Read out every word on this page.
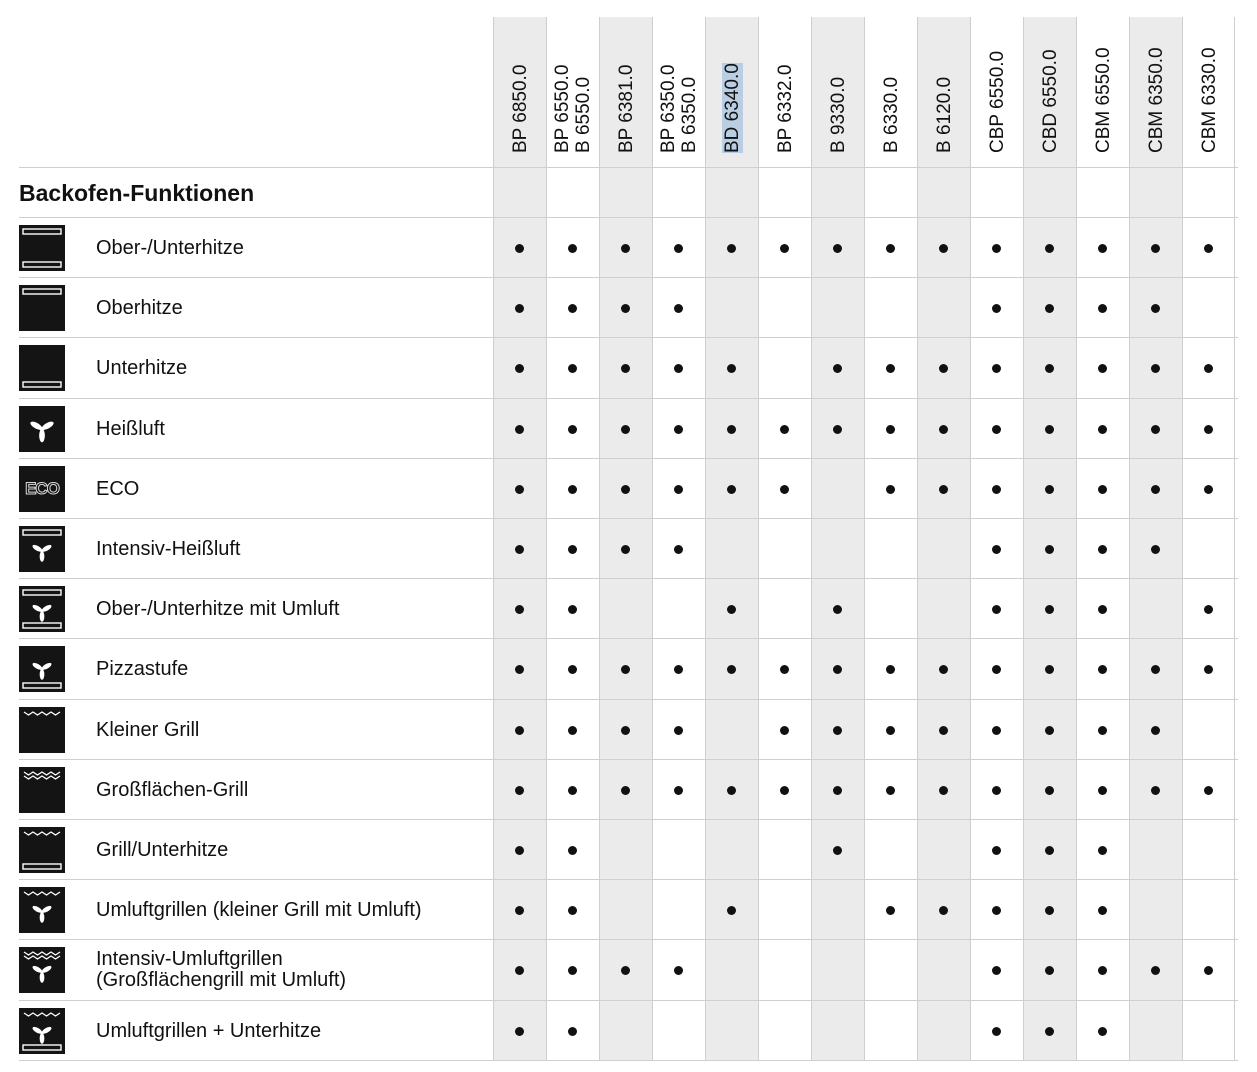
BP 6850.0 BP 6550.0 B 6550.0 BP 6381.0 BP 6350.0 B 6350.0 BD 6340.0 BP 6332.0 B 9330.0 B 6330.0 B 6120.0 CBP 6550.0 CBD 6550.0 CBM 6550.0 CBM 6350.0 CBM 6330.0
Ober-/Unterhitze
Oberhitze
Unterhitze
Heißluft
ECO ECO
Intensiv-Heißluft
Ober-/Unterhitze mit Umluft
Pizzastufe
Kleiner Grill
Großflächen-Grill
Grill/Unterhitze
Umluftgrillen (kleiner Grill mit Umluft)
Intensiv-Umluftgrillen
(Großflächengrill mit Umluft)
Umluftgrillen + Unterhitze
Backofen-Funktionen
